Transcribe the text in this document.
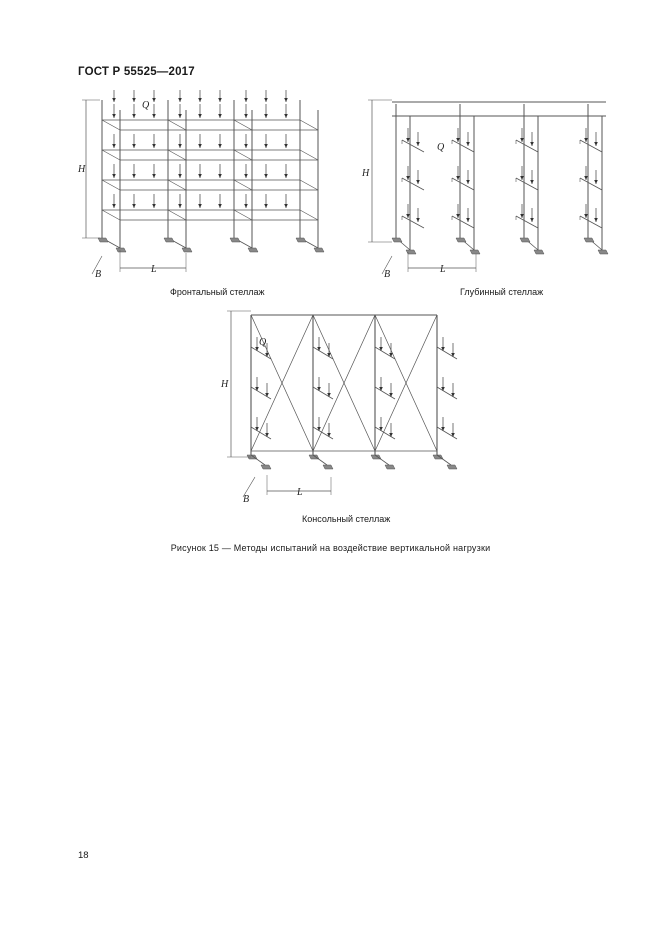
ГОСТ Р 55525—2017
H
Q
B	L
Фронтальный стеллаж
H
Q
B	L
Глубинный стеллаж
H
Q
B
L
Консольный стеллаж
Рисунок 15 — Методы испытаний на воздействие вертикальной нагрузки
18
